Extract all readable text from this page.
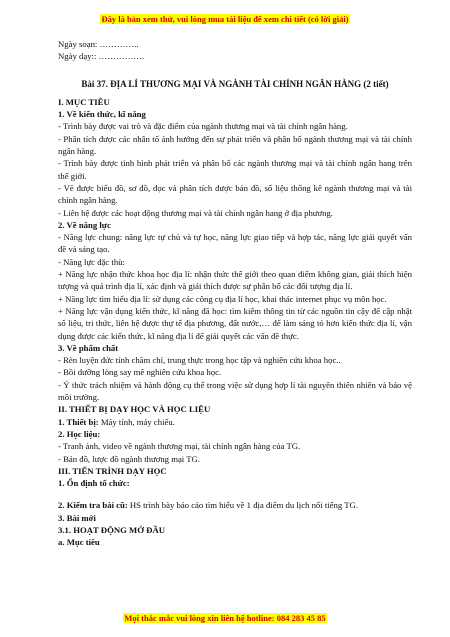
Đây là bản xem thử, vui lòng mua tài liệu để xem chi tiết (có lời giải)

Ngày soạn: …………..

Ngày dạy:: …………….

Bài 37. ĐỊA LÍ THƯƠNG MẠI VÀ NGÀNH TÀI CHÍNH NGÂN HÀNG (2 tiết)

I. MỤC TIÊU

1. Về kiến thức, kĩ năng

- Trình bày được vai trò và đặc điểm của ngành thương mại và tài chính ngân hàng.

- Phân tích được các nhân tố ảnh hưởng đến sự phát triển và phân bố ngành thương mại và tài chính ngân hàng.

- Trình bày được tình hình phát triển và phân bố các ngành thương mại và tài chính ngân hang trên thế giới.

- Vẽ được biểu đồ, sơ đồ, đọc và phân tích được bản đồ, số liệu thống kê ngành thương mại và tài chính ngân hàng.

- Liên hệ được các hoạt động thương mại và tài chính ngân hang ở địa phương.

2. Về năng lực

- Năng lực chung: năng lực tự chủ và tự học, năng lực giao tiếp và hợp tác, năng lực giải quyết vấn đề và sáng tạo.

- Năng lực đặc thù:

+ Năng lực nhận thức khoa học địa lí: nhận thức thế giới theo quan điểm không gian, giải thích hiện tượng và quá trình địa lí, xác định và giải thích được sự phân bố các đối tượng địa lí.

+ Năng lực tìm hiểu địa lí: sử dụng các công cụ địa lí học, khai thác internet phục vụ môn học.

+ Năng lực vận dụng kiến thức, kĩ năng đã học: tìm kiếm thông tin từ các nguồn tin cậy để cập nhật số liệu, tri thức, liên hệ được thự tế địa phương, đất nước,… để làm sáng tỏ hơn kiến thức địa lí, vận dụng được các kiến thức, kĩ năng địa lí để giải quyết các vấn đề thực.

3. Về phẩm chất

- Rèn luyện đức tính chăm chỉ, trung thực trong học tập và nghiên cứu khoa học..

- Bồi dưỡng lòng say mê nghiên cứu khoa học.

- Ý thức trách nhiệm và hành động cụ thể trong việc sử dụng hợp lí tài nguyên thiên nhiên và bảo vệ môi trường.

II. THIẾT BỊ DẠY HỌC VÀ HỌC LIỆU

1. Thiết bị: Máy tính, máy chiếu.

2. Học liệu:

- Tranh ảnh, video về ngành thương mại, tài chính ngân hàng của TG.

- Bản đồ, lược đồ ngành thương mại TG.

III. TIẾN TRÌNH DẠY HỌC

1. Ổn định tổ chức:

2. Kiểm tra bài cũ: HS trình bày báo cáo tìm hiểu về 1 địa điểm du lịch nổi tiếng TG.

3. Bài mới

3.1. HOẠT ĐỘNG MỞ ĐẦU

a. Mục tiêu

Mọi thắc mắc vui lòng xin liên hệ hotline: 084 283 45 85
